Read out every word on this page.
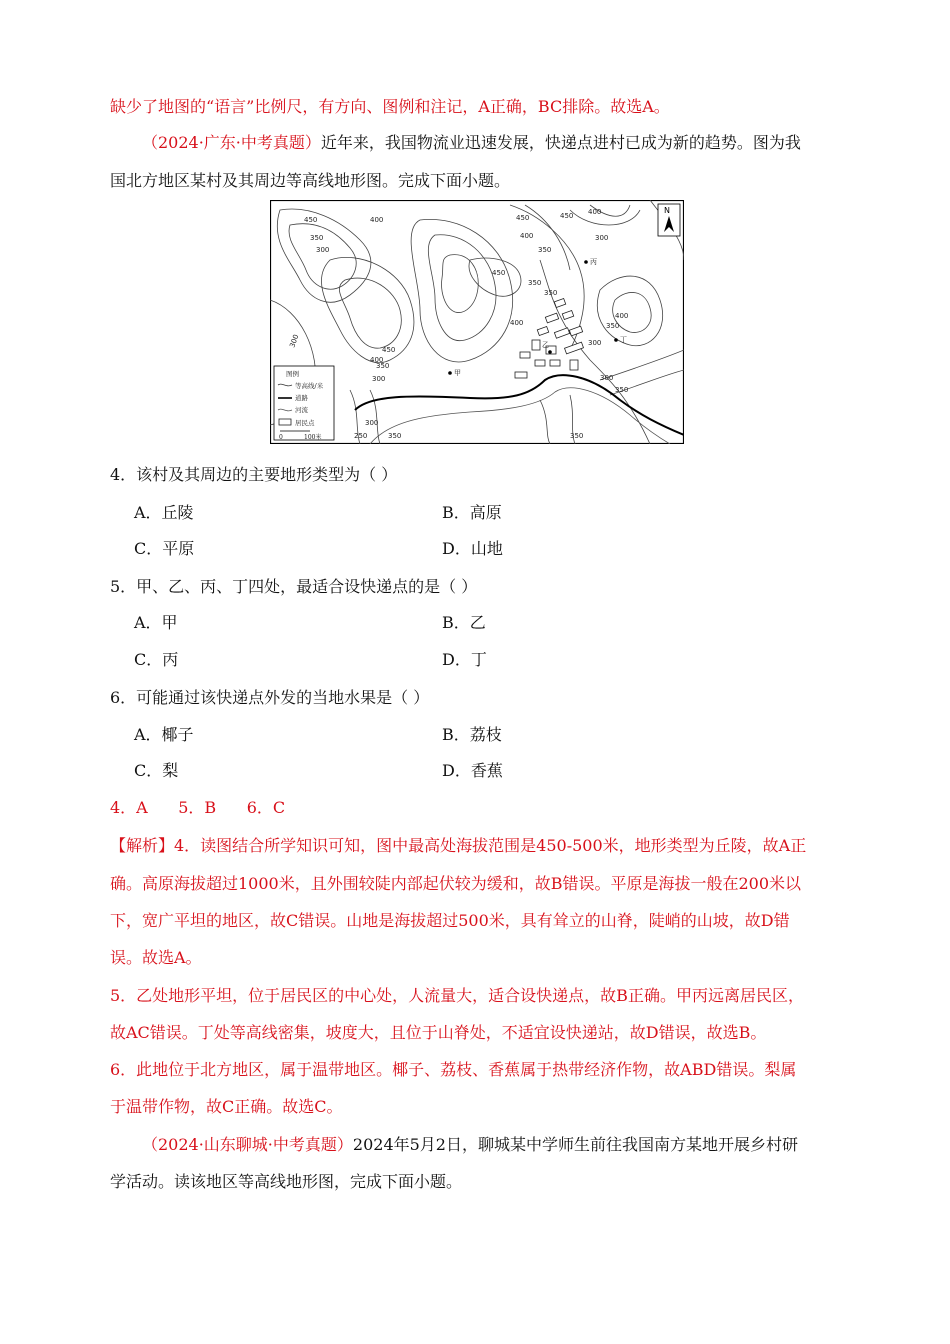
缺少了地图的“语言”比例尺，有方向、图例和注记，A正确，BC排除。故选A。
（2024·广东·中考真题）近年来，我国物流业迅速发展，快递点进村已成为新的趋势。图为我
国北方地区某村及其周边等高线地形图。完成下面小题。
甲
乙
丙
丁
450	400
350
300
450
400
350
300
300
450
450
400
350
450 400
300
400
350
300
300
350
400
350
350
300
250	350	350
N
图例
等高线/米
道路
河流
居民点
0	100米
4．该村及其周边的主要地形类型为（ ）
A．丘陵	B．高原
C．平原	D．山地
5．甲、乙、丙、丁四处，最适合设快递点的是（ ）
A．甲	B．乙
C．丙	D．丁
6．可能通过该快递点外发的当地水果是（ ）
A．椰子	B．荔枝
C．梨	D．香蕉
4．A      5．B      6．C
【解析】4．读图结合所学知识可知，图中最高处海拔范围是450-500米，地形类型为丘陵，故A正
确。高原海拔超过1000米，且外围较陡内部起伏较为缓和，故B错误。平原是海拔一般在200米以
下，宽广平坦的地区，故C错误。山地是海拔超过500米，具有耸立的山脊，陡峭的山坡，故D错
误。故选A。
5．乙处地形平坦，位于居民区的中心处，人流量大，适合设快递点，故B正确。甲丙远离居民区，
故AC错误。丁处等高线密集，坡度大，且位于山脊处，不适宜设快递站，故D错误，故选B。
6．此地位于北方地区，属于温带地区。椰子、荔枝、香蕉属于热带经济作物，故ABD错误。梨属
于温带作物，故C正确。故选C。
（2024·山东聊城·中考真题）2024年5月2日，聊城某中学师生前往我国南方某地开展乡村研
学活动。读该地区等高线地形图，完成下面小题。
